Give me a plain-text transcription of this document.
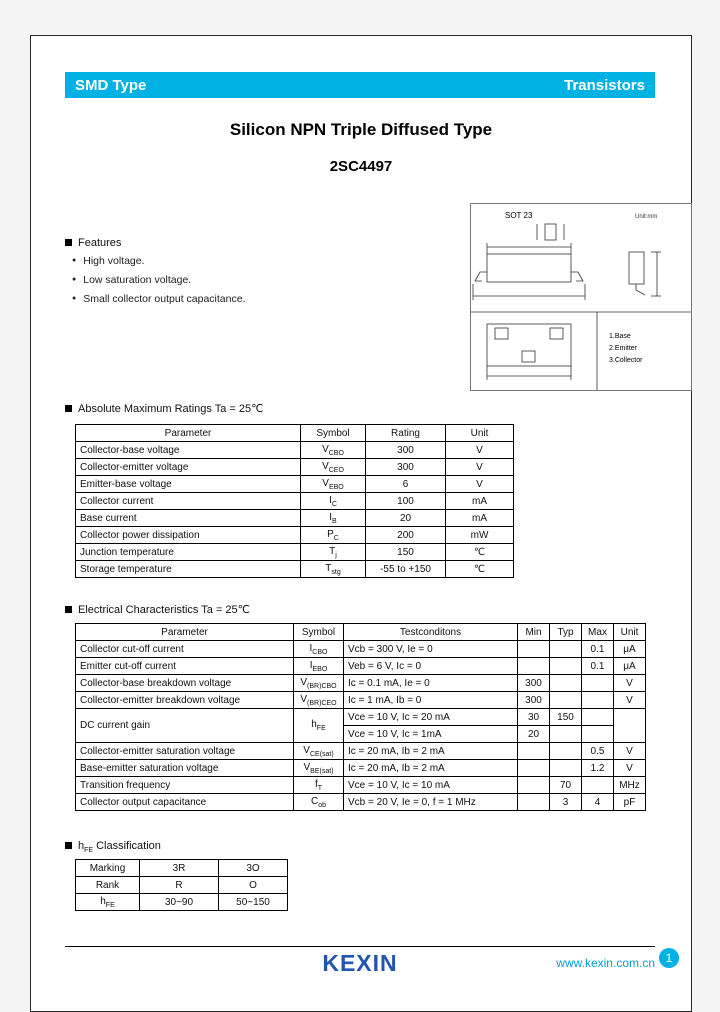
SMD Type	Transistors
Silicon NPN Triple Diffused Type
2SC4497
Features
● High voltage.
● Low saturation voltage.
● Small collector output capacitance.
SOT 23	Unit:mm
1.Base
2.Emitter
3.Collector
Absolute Maximum Ratings Ta = 25℃
Parameter	Symbol	Rating	Unit
Collector-base voltage	$V_{CBO}$	300	V
Collector-emitter voltage	$V_{CEO}$	300	V
Emitter-base voltage	$V_{EBO}$	6	V
Collector current	$I_C$	100	mA
Base current	$I_B$	20	mA
Collector power dissipation	$P_C$	200	mW
Junction temperature	$T_j$	150	℃
Storage temperature	$T_{stg}$	-55 to +150	℃
Electrical Characteristics Ta = 25℃
Parameter	Symbol	Testconditons	Min	Typ	Max	Unit
Collector cut-off current	$I_{CBO}$	Vcb = 300 V, Ie = 0			0.1	μA
Emitter cut-off current	$I_{EBO}$	Veb = 6 V, Ic = 0			0.1	μA
Collector-base breakdown voltage	$V_{(BR)CBO}$	Ic = 0.1 mA, Ie = 0	300			V
Collector-emitter breakdown voltage	$V_{(BR)CEO}$	Ic = 1 mA, Ib = 0	300			V
DC current gain	$h_{FE}$	Vce = 10 V, Ic = 20 mA	30	150		
		Vce = 10 V, Ic = 1mA	20			
Collector-emitter saturation voltage	$V_{CE(sat)}$	Ic = 20 mA, Ib = 2 mA			0.5	V
Base-emitter saturation voltage	$V_{BE(sat)}$	Ic = 20 mA, Ib = 2 mA			1.2	V
Transition frequency	$f_T$	Vce = 10 V, Ic = 10 mA		70		MHz
Collector output capacitance	$C_{ob}$	Vcb = 20 V, Ie = 0, f = 1 MHz		3	4	pF
$h_{FE}$ Classification
Marking	3R	3O
Rank	R	O
$h_{FE}$	30~90	50~150
KEXIN	www.kexin.com.cn 1
